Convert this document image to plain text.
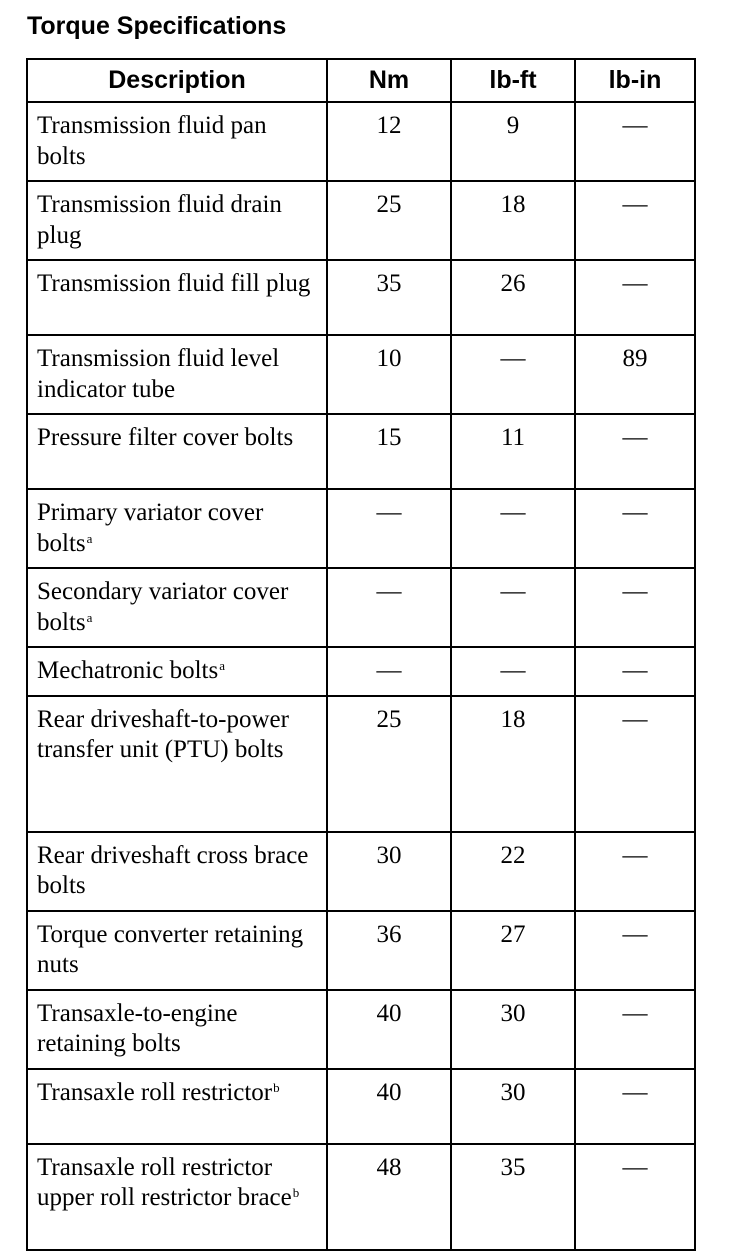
Torque Specifications
Description	Nm	lb-ft	lb-in
Transmission fluid pan bolts	12	9	—
Transmission fluid drain plug	25	18	—
Transmission fluid fill plug	35	26	—
Transmission fluid level indicator tube	10	—	89
Pressure filter cover bolts	15	11	—
Primary variator cover bolts$^a$	—	—	—
Secondary variator cover bolts$^a$	—	—	—
Mechatronic bolts$^a$	—	—	—
Rear driveshaft-to-power transfer unit (PTU) bolts	25	18	—
Rear driveshaft cross brace bolts	30	22	—
Torque converter retaining nuts	36	27	—
Transaxle-to-engine retaining bolts	40	30	—
Transaxle roll restrictor$^b$	40	30	—
Transaxle roll restrictor upper roll restrictor brace$^b$	48	35	—
